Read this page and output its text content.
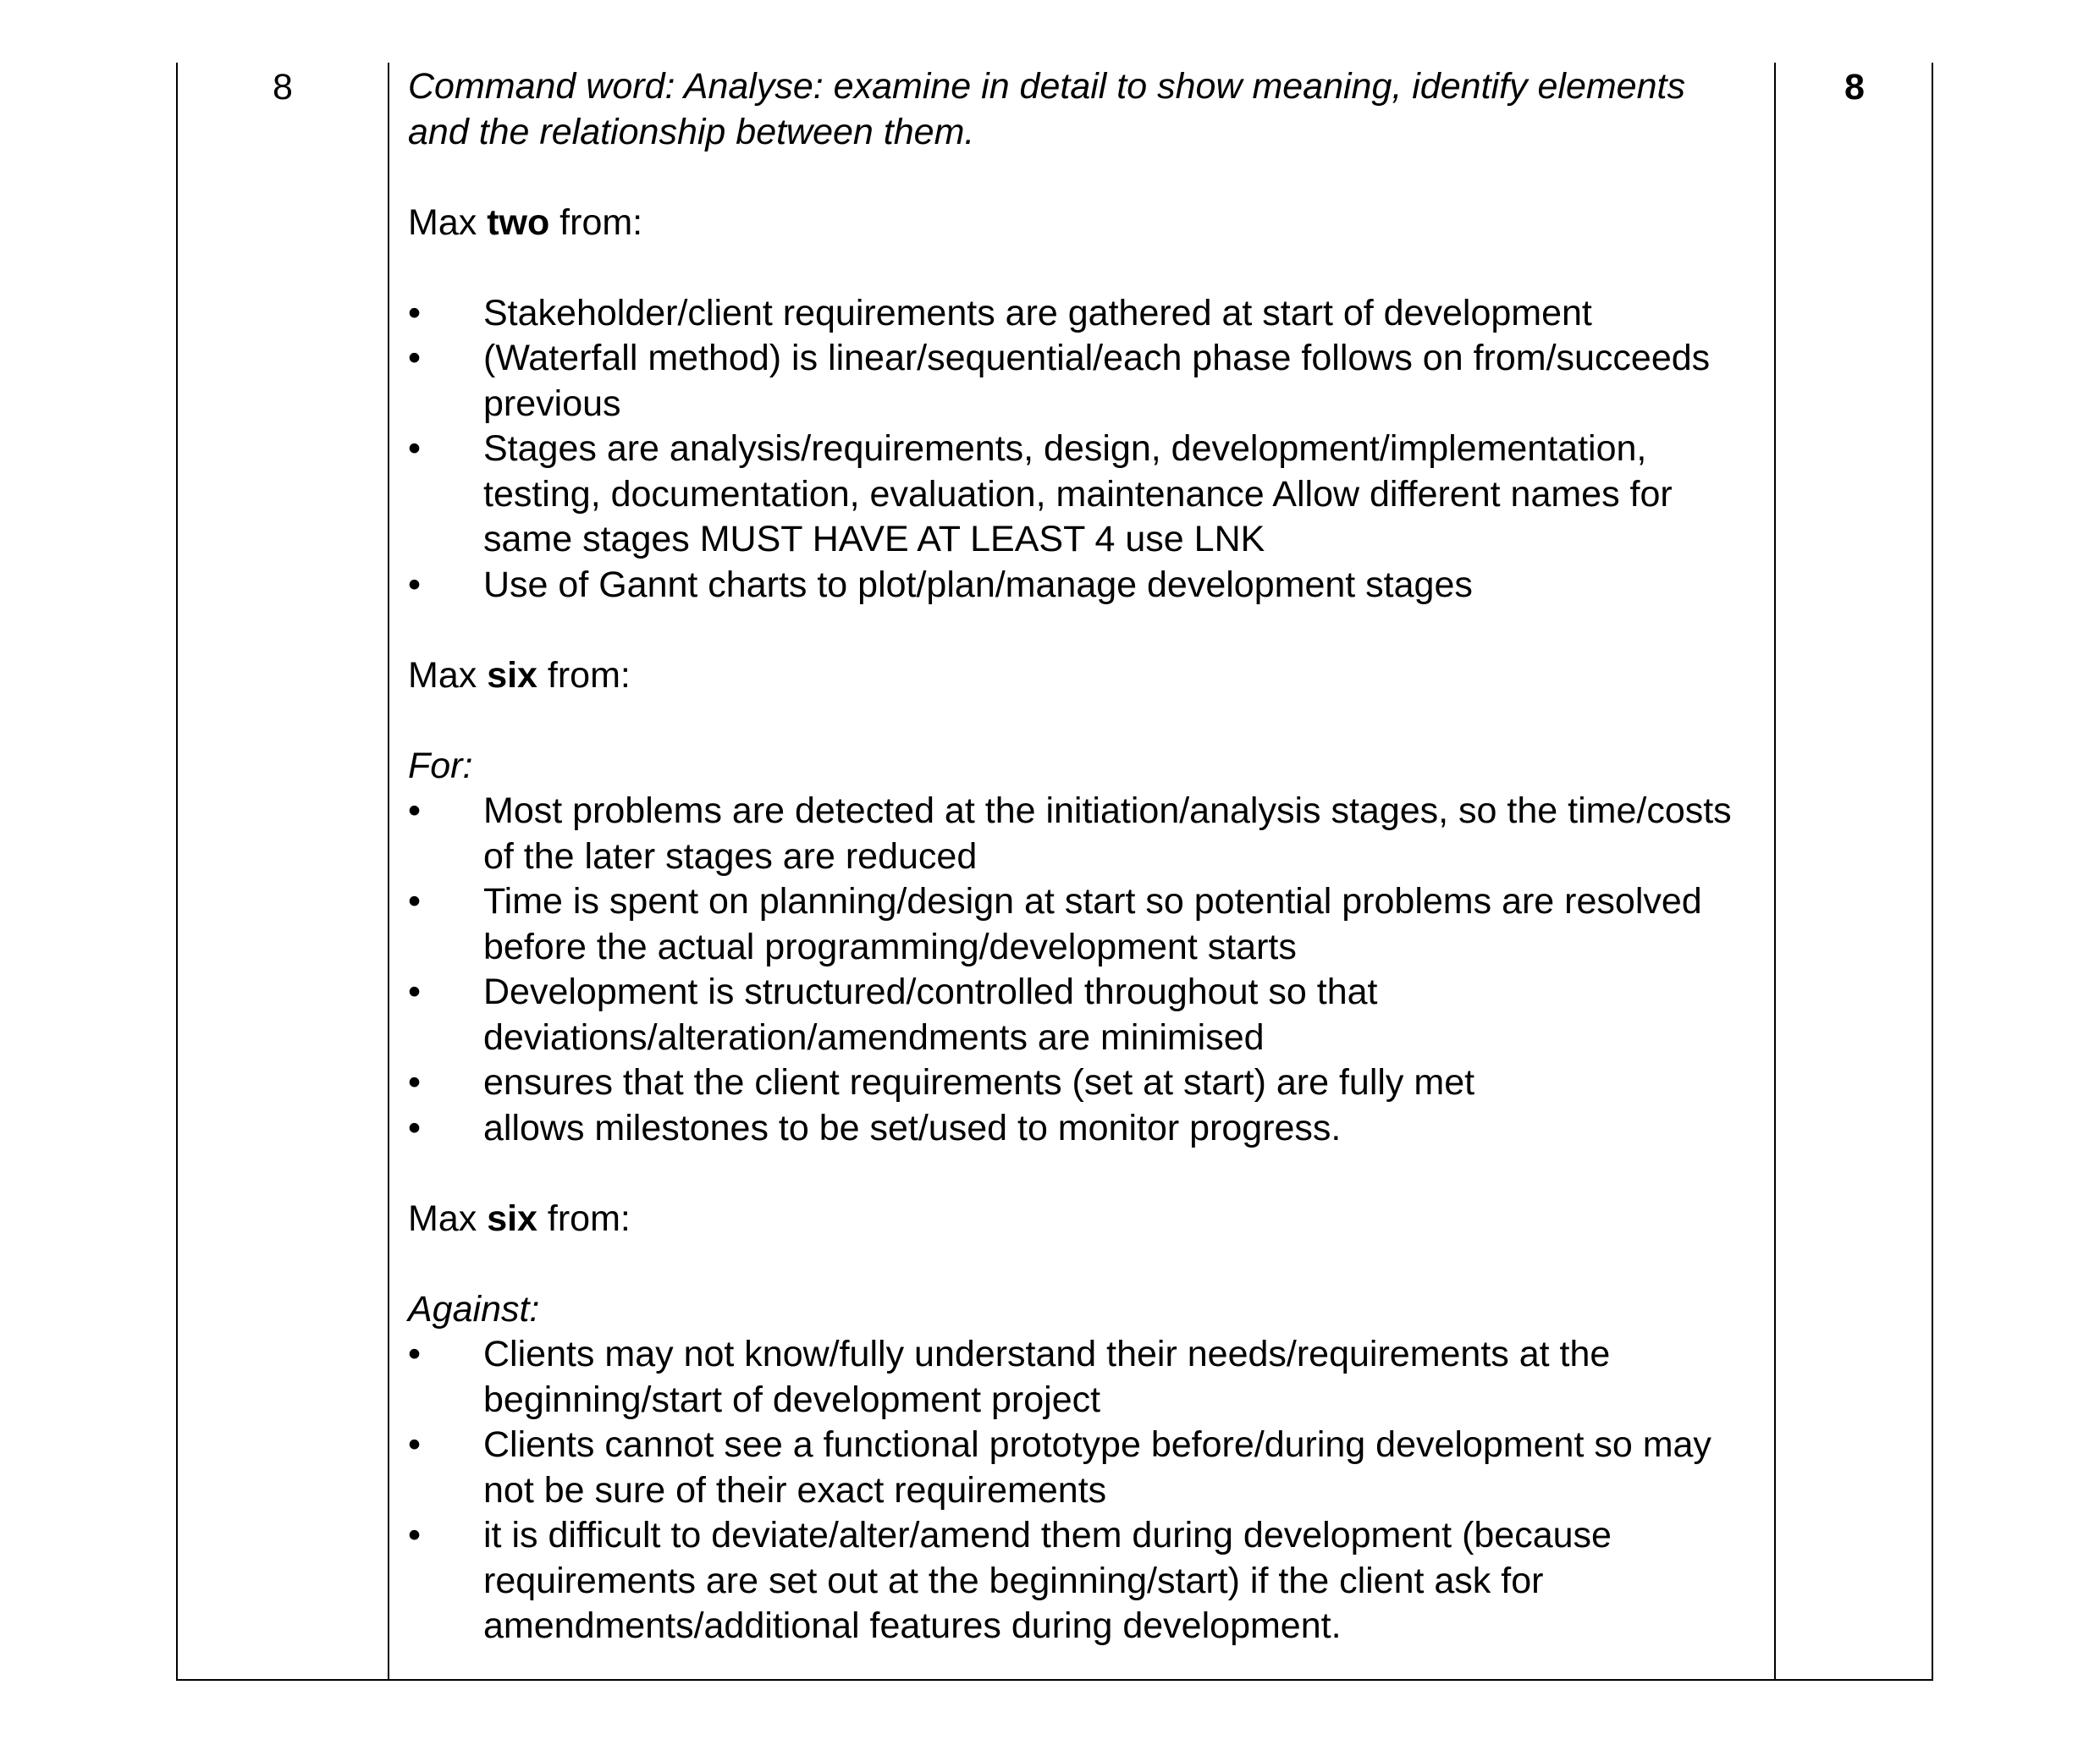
8	Command word: Analyse: examine in detail to show meaning, identify elements and the relationship between them.

Max two from:

•	Stakeholder/client requirements are gathered at start of development
•	(Waterfall method) is linear/sequential/each phase follows on from/succeeds previous
•	Stages are analysis/requirements, design, development/implementation, testing, documentation, evaluation, maintenance Allow different names for same stages MUST HAVE AT LEAST 4 use LNK
•	Use of Gannt charts to plot/plan/manage development stages

Max six from:

For:

•	Most problems are detected at the initiation/analysis stages, so the time/costs of the later stages are reduced
•	Time is spent on planning/design at start so potential problems are resolved before the actual programming/development starts
•	Development is structured/controlled throughout so that deviations/alteration/amendments are minimised
•	ensures that the client requirements (set at start) are fully met
•	allows milestones to be set/used to monitor progress.

Max six from:

Against:

•	Clients may not know/fully understand their needs/requirements at the beginning/start of development project
•	Clients cannot see a functional prototype before/during development so may not be sure of their exact requirements
•	it is difficult to deviate/alter/amend them during development (because requirements are set out at the beginning/start) if the client ask for amendments/additional features during development.
8
